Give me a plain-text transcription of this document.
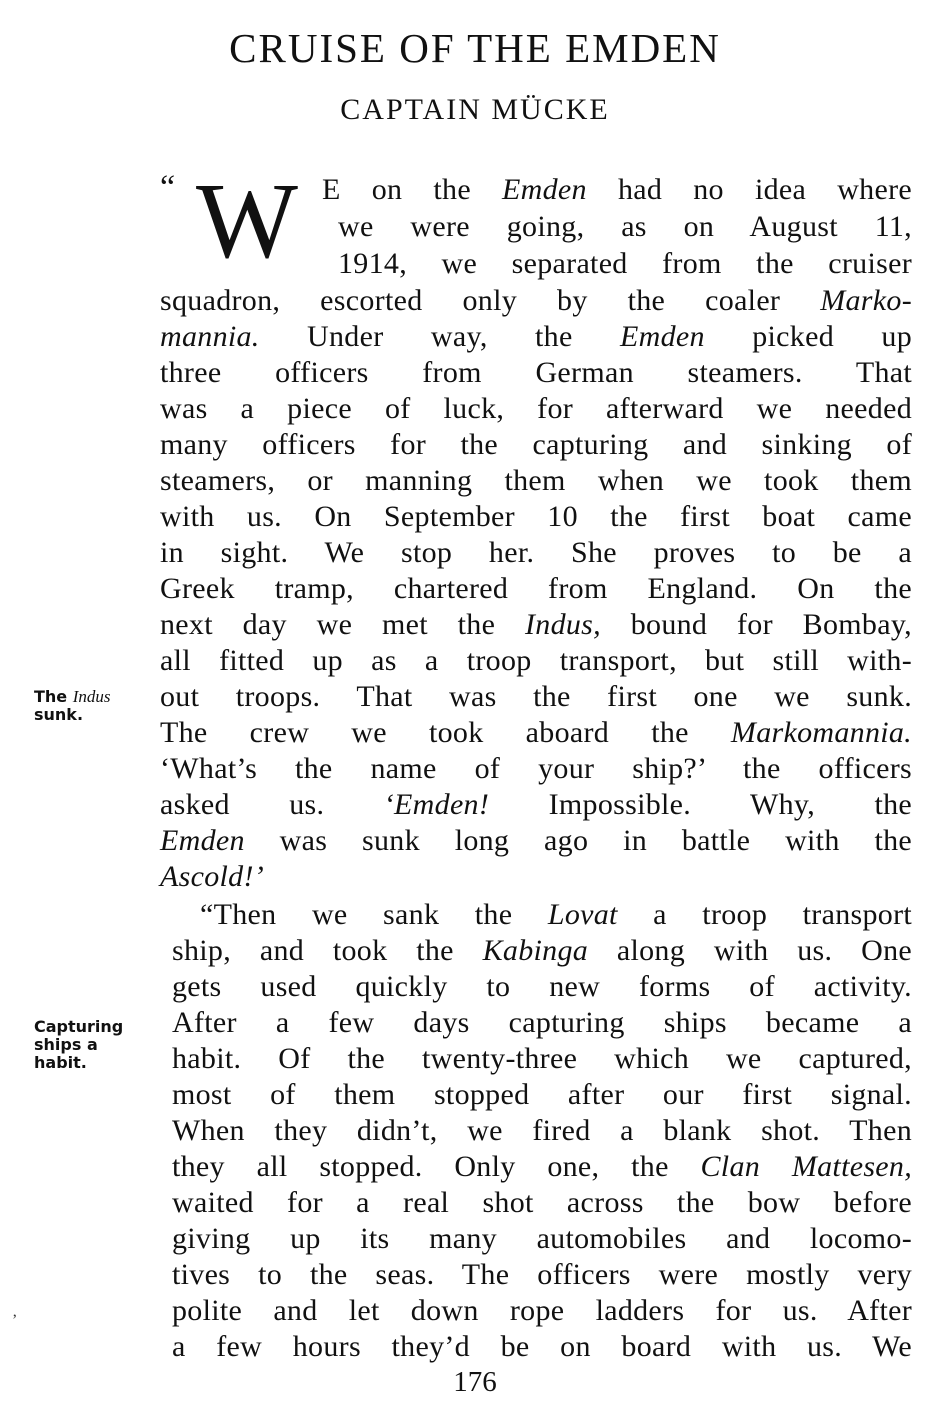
CRUISE OF THE EMDEN
CAPTAIN MÜCKE
“ W E on the Emden had no idea where
we were going, as on August 11,
1914, we separated from the cruiser
squadron, escorted only by the coaler Marko-
mannia. Under way, the Emden picked up
three officers from German steamers. That
was a piece of luck, for afterward we needed
many officers for the capturing and sinking of
steamers, or manning them when we took them
with us. On September 10 the first boat came
in sight. We stop her. She proves to be a
Greek tramp, chartered from England. On the
next day we met the Indus, bound for Bombay,
all fitted up as a troop transport, but still with-
out troops. That was the first one we sunk.
The crew we took aboard the Markomannia.
‘What’s the name of your ship?’ the officers
asked us. ‘Emden! Impossible. Why, the
Emden was sunk long ago in battle with the
Ascold!’
“Then we sank the Lovat a troop transport
ship, and took the Kabinga along with us. One
gets used quickly to new forms of activity.
After a few days capturing ships became a
habit. Of the twenty-three which we captured,
most of them stopped after our first signal.
When they didn’t, we fired a blank shot. Then
they all stopped. Only one, the Clan Mattesen,
waited for a real shot across the bow before
giving up its many automobiles and locomo-
tives to the seas. The officers were mostly very
polite and let down rope ladders for us. After
a few hours they’d be on board with us. We
The Indus
sunk.
Capturing
ships a
habit.
’
176
